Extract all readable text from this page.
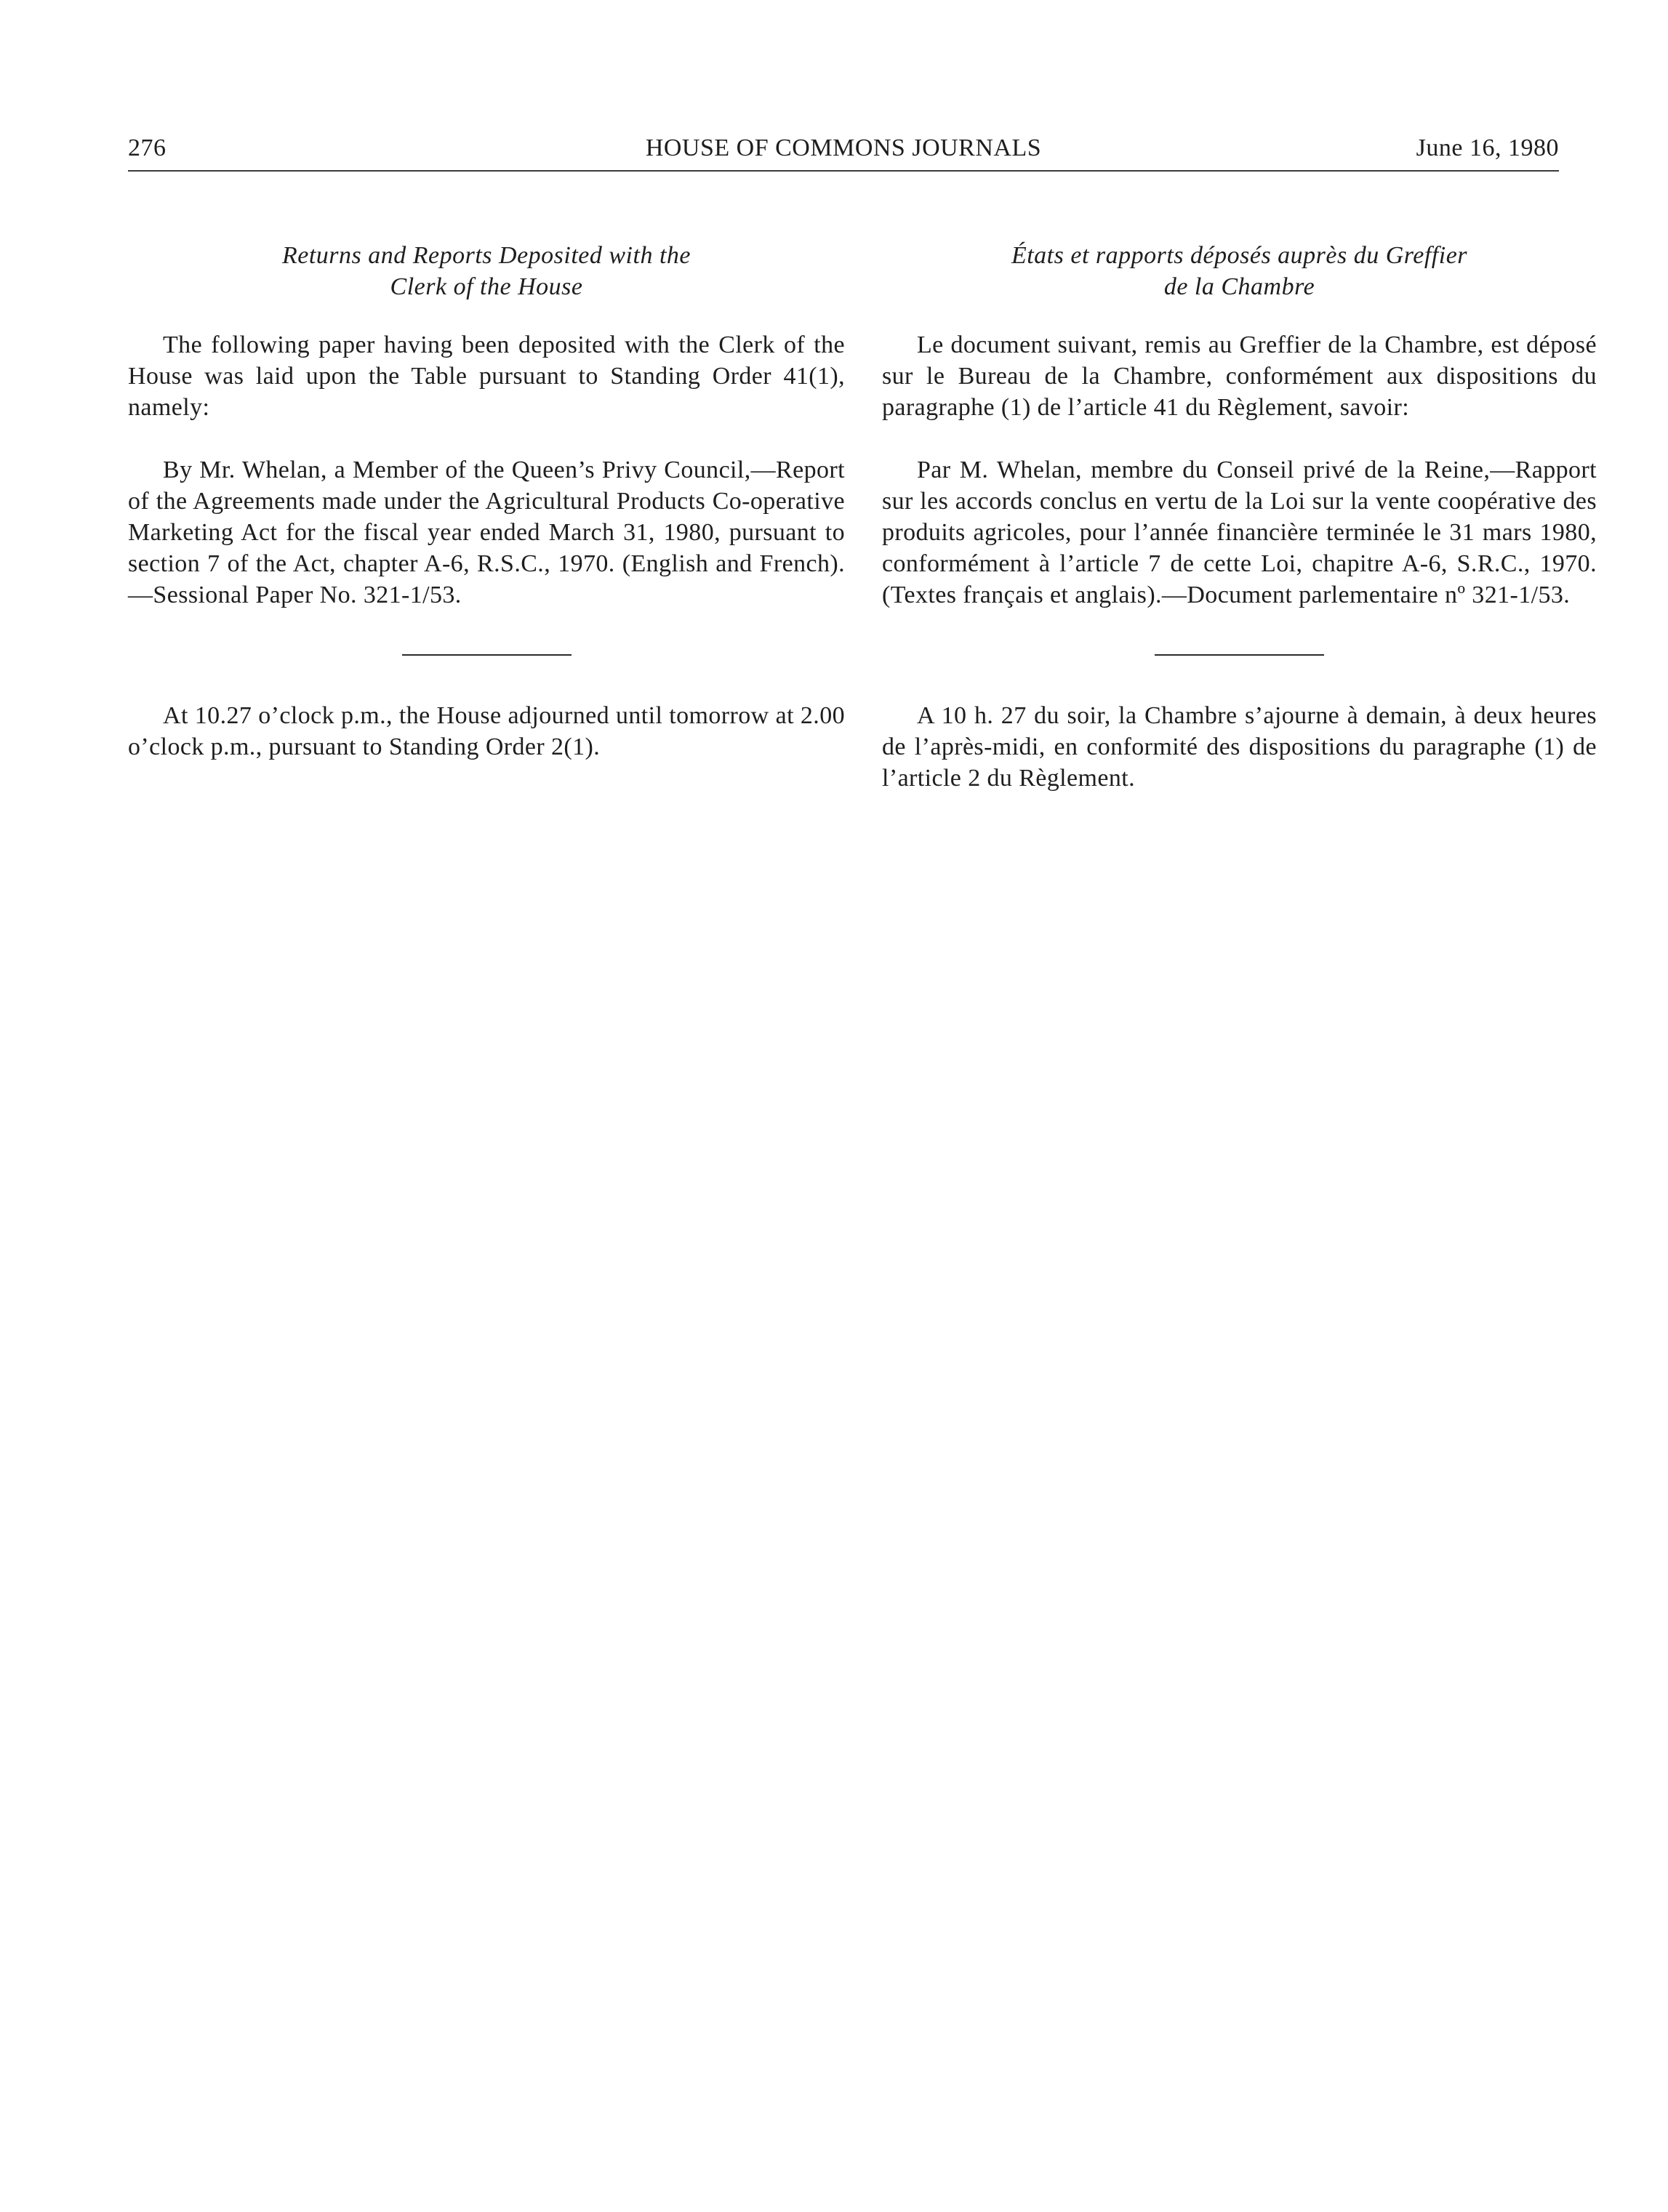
276	HOUSE OF COMMONS JOURNALS	June 16, 1980
Returns and Reports Deposited with the
Clerk of the House

The following paper having been deposited with the Clerk of the House was laid upon the Table pursuant to Standing Order 41(1), namely:

By Mr. Whelan, a Member of the Queen’s Privy Council,—Report of the Agreements made under the Agricultural Products Co-operative Marketing Act for the fiscal year ended March 31, 1980, pursuant to section 7 of the Act, chapter A-6, R.S.C., 1970. (English and French).—Sessional Paper No. 321-1/53.

At 10.27 o’clock p.m., the House adjourned until tomorrow at 2.00 o’clock p.m., pursuant to Standing Order 2(1).

États et rapports déposés auprès du Greffier
de la Chambre

Le document suivant, remis au Greffier de la Chambre, est déposé sur le Bureau de la Chambre, conformément aux dispositions du paragraphe (1) de l’article 41 du Règlement, savoir:

Par M. Whelan, membre du Conseil privé de la Reine,—Rapport sur les accords conclus en vertu de la Loi sur la vente coopérative des produits agricoles, pour l’année financière terminée le 31 mars 1980, conformément à l’article 7 de cette Loi, chapitre A-6, S.R.C., 1970. (Textes français et anglais).—Document parlementaire nº 321-1/53.

A 10 h. 27 du soir, la Chambre s’ajourne à demain, à deux heures de l’après-midi, en conformité des dispositions du paragraphe (1) de l’article 2 du Règlement.
